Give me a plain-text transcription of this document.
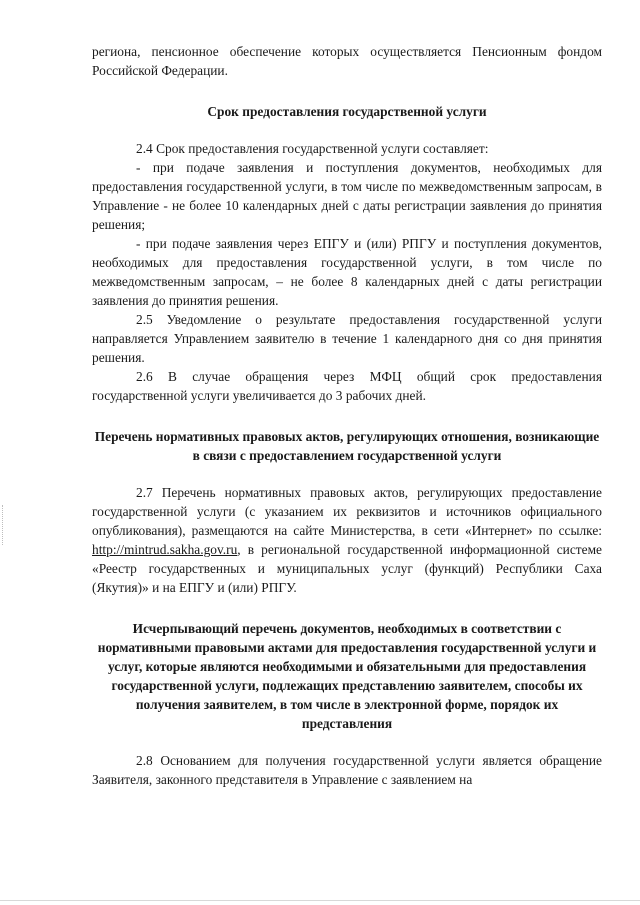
региона, пенсионное обеспечение которых осуществляется Пенсионным фондом Российской Федерации.

Срок предоставления государственной услуги

2.4 Срок предоставления государственной услуги составляет:

- при подаче заявления и поступления документов, необходимых для предоставления государственной услуги, в том числе по межведомственным запросам, в Управление - не более 10 календарных дней с даты регистрации заявления до принятия решения;

- при подаче заявления через ЕПГУ и (или) РПГУ и поступления документов, необходимых для предоставления государственной услуги, в том числе по межведомственным запросам, – не более 8 календарных дней с даты регистрации заявления до принятия решения.

2.5 Уведомление о результате предоставления государственной услуги направляется Управлением заявителю в течение 1 календарного дня со дня принятия решения.

2.6 В случае обращения через МФЦ общий срок предоставления государственной услуги увеличивается до 3 рабочих дней.

Перечень нормативных правовых актов, регулирующих отношения, возникающие в связи с предоставлением государственной услуги

2.7 Перечень нормативных правовых актов, регулирующих предоставление государственной услуги (с указанием их реквизитов и источников официального опубликования), размещаются на сайте Министерства, в сети «Интернет» по ссылке: http://mintrud.sakha.gov.ru, в региональной государственной информационной системе «Реестр государственных и муниципальных услуг (функций) Республики Саха (Якутия)» и на ЕПГУ и (или) РПГУ.

Исчерпывающий перечень документов, необходимых в соответствии с нормативными правовыми актами для предоставления государственной услуги и услуг, которые являются необходимыми и обязательными для предоставления государственной услуги, подлежащих представлению заявителем, способы их получения заявителем, в том числе в электронной форме, порядок их представления

2.8 Основанием для получения государственной услуги является обращение Заявителя, законного представителя в Управление с заявлением на
